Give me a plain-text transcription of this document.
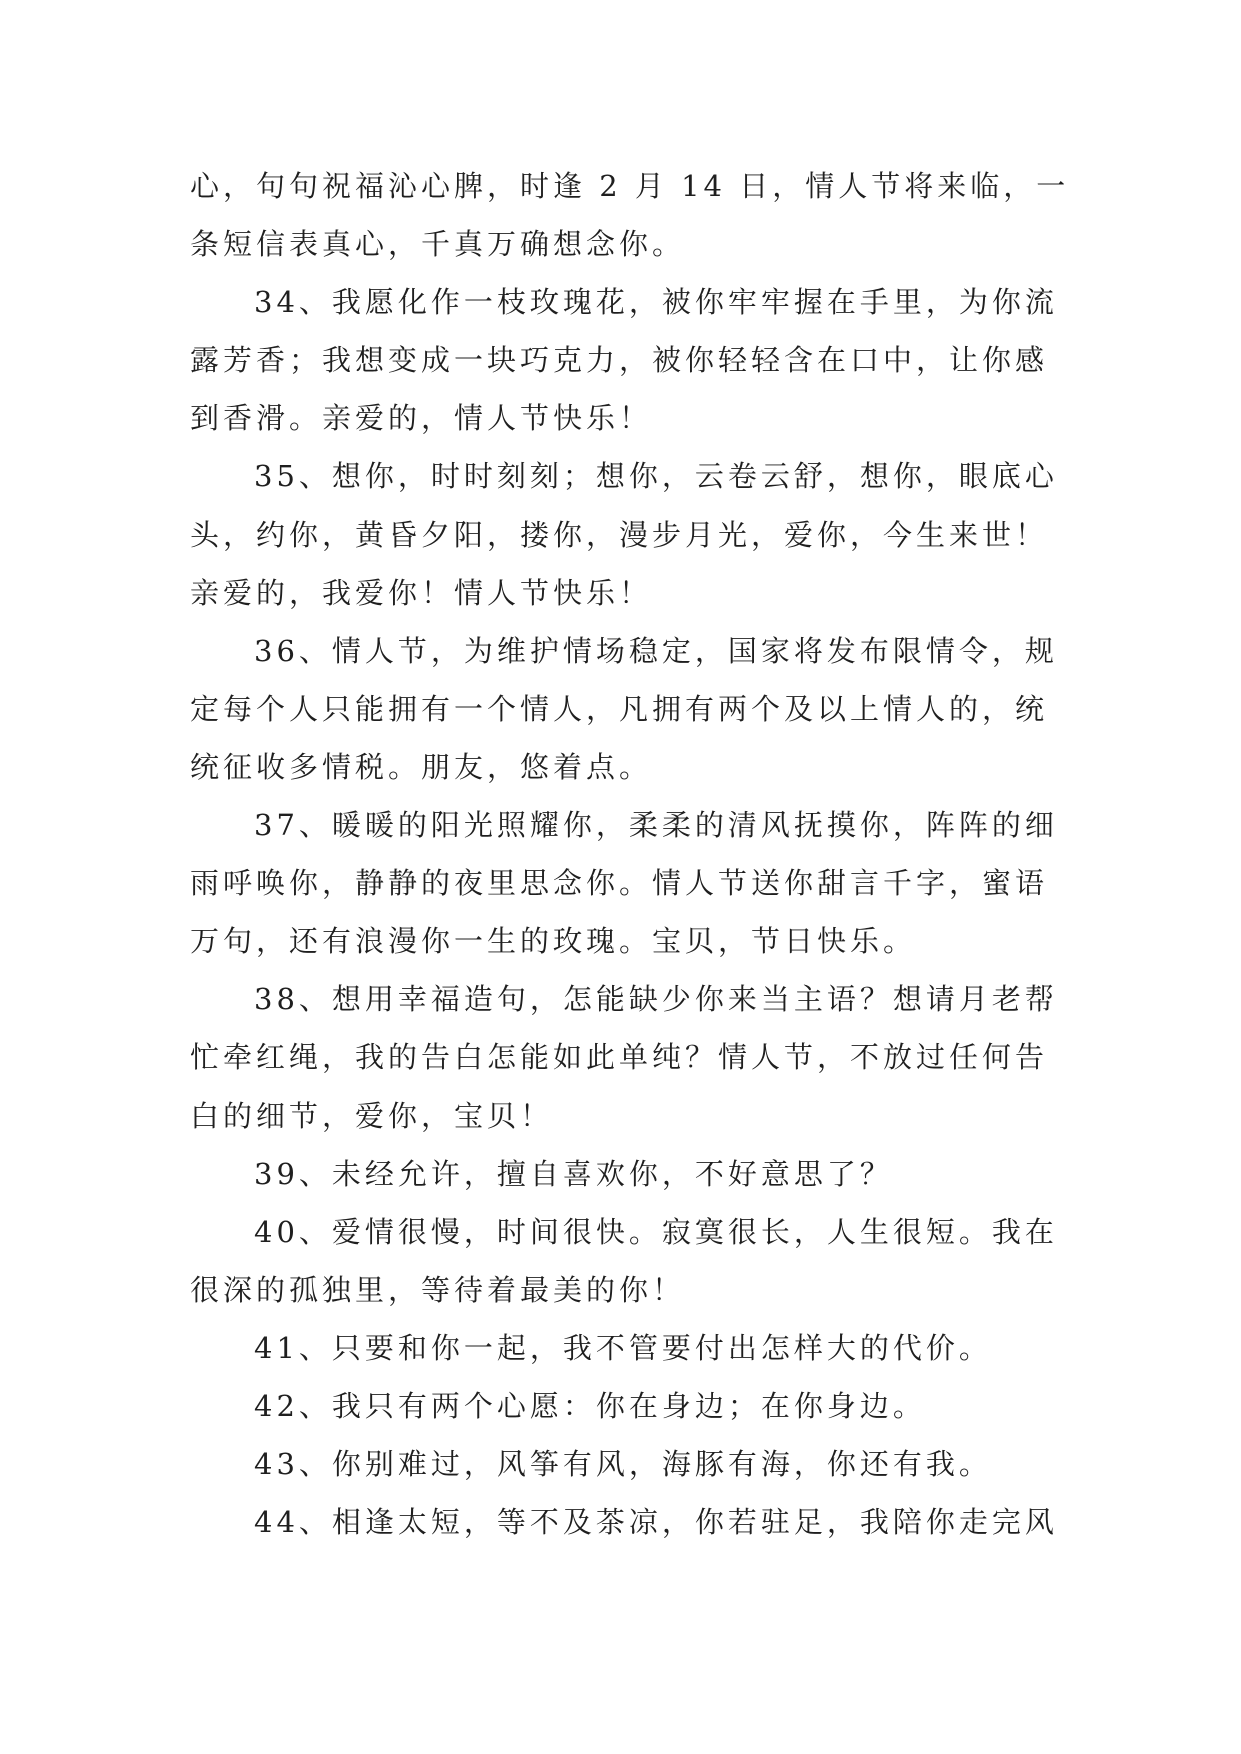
心，句句祝福沁心脾，时逢 2 月 14 日，情人节将来临，一
条短信表真心，千真万确想念你。
34、我愿化作一枝玫瑰花，被你牢牢握在手里，为你流
露芳香；我想变成一块巧克力，被你轻轻含在口中，让你感
到香滑。亲爱的，情人节快乐！
35、想你，时时刻刻；想你，云卷云舒，想你，眼底心
头，约你，黄昏夕阳，搂你，漫步月光，爱你，今生来世！
亲爱的，我爱你！情人节快乐！
36、情人节，为维护情场稳定，国家将发布限情令，规
定每个人只能拥有一个情人，凡拥有两个及以上情人的，统
统征收多情税。朋友，悠着点。
37、暖暖的阳光照耀你，柔柔的清风抚摸你，阵阵的细
雨呼唤你，静静的夜里思念你。情人节送你甜言千字，蜜语
万句，还有浪漫你一生的玫瑰。宝贝，节日快乐。
38、想用幸福造句，怎能缺少你来当主语？想请月老帮
忙牵红绳，我的告白怎能如此单纯？情人节，不放过任何告
白的细节，爱你，宝贝！
39、未经允许，擅自喜欢你，不好意思了？
40、爱情很慢，时间很快。寂寞很长，人生很短。我在
很深的孤独里，等待着最美的你！
41、只要和你一起，我不管要付出怎样大的代价。
42、我只有两个心愿：你在身边；在你身边。
43、你别难过，风筝有风，海豚有海，你还有我。
44、相逢太短，等不及茶凉，你若驻足，我陪你走完风
